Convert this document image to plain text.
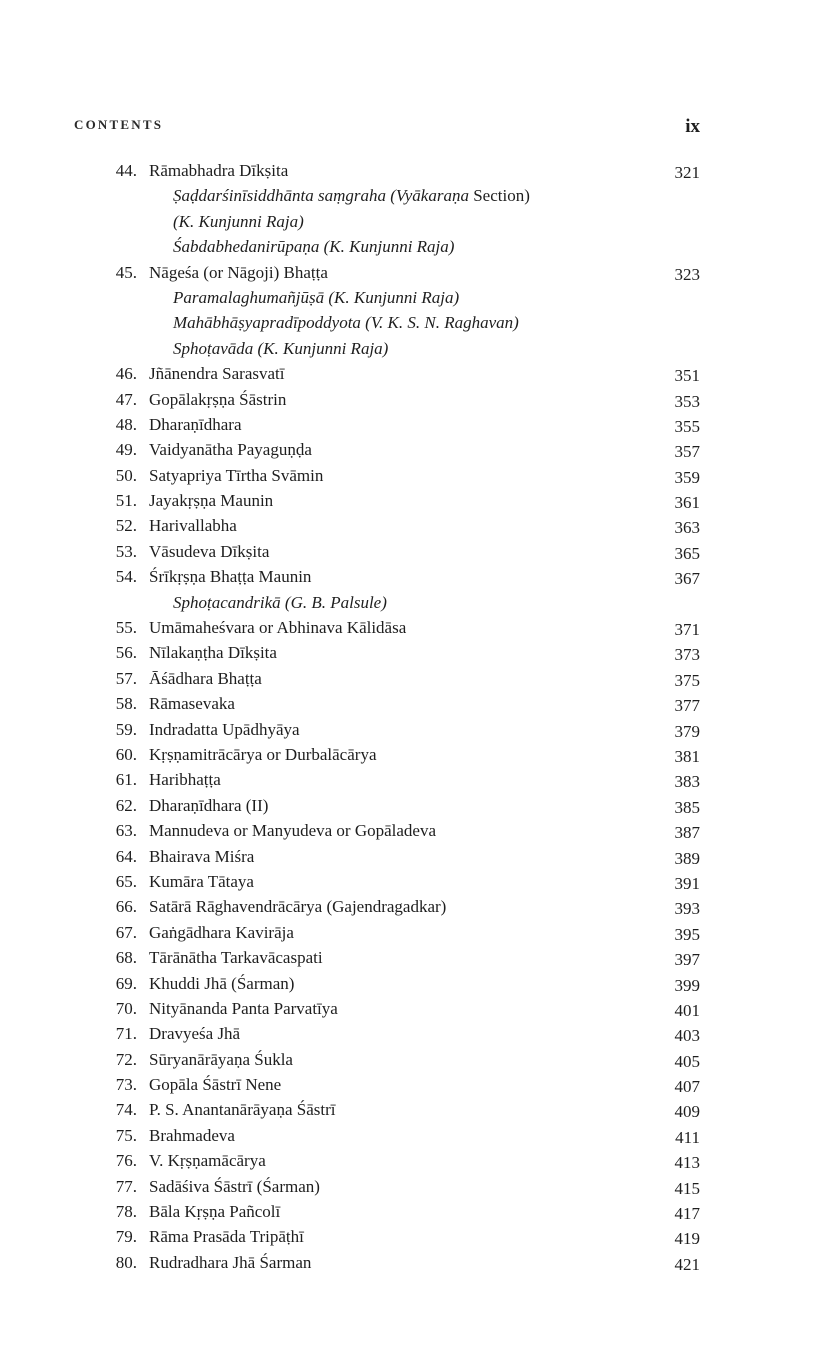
CONTENTS	ix
44. Rāmabhadra Dīkṣita	321
Ṣaḍdarśinīsiddhānta saṃgraha (Vyākaraṇa Section)
(K. Kunjunni Raja)
Śabdabhedanirūpaṇa (K. Kunjunni Raja)
45. Nāgeśa (or Nāgoji) Bhaṭṭa	323
Paramalaghumañjūṣā (K. Kunjunni Raja)
Mahābhāṣyapradīpoddyota (V. K. S. N. Raghavan)
Sphoṭavāda (K. Kunjunni Raja)
46. Jñānendra Sarasvatī	351
47. Gopālakṛṣṇa Śāstrin	353
48. Dharaṇīdhara	355
49. Vaidyanātha Payaguṇḍa	357
50. Satyapriya Tīrtha Svāmin	359
51. Jayakṛṣṇa Maunin	361
52. Harivallabha	363
53. Vāsudeva Dīkṣita	365
54. Śrīkṛṣṇa Bhaṭṭa Maunin	367
Sphoṭacandrikā (G. B. Palsule)
55. Umāmaheśvara or Abhinava Kālidāsa	371
56. Nīlakaṇṭha Dīkṣita	373
57. Āśādhara Bhaṭṭa	375
58. Rāmasevaka	377
59. Indradatta Upādhyāya	379
60. Kṛṣṇamitrācārya or Durbalācārya	381
61. Haribhaṭṭa	383
62. Dharaṇīdhara (II)	385
63. Mannudeva or Manyudeva or Gopāladeva	387
64. Bhairava Miśra	389
65. Kumāra Tātaya	391
66. Satārā Rāghavendrācārya (Gajendragadkar)	393
67. Gaṅgādhara Kavirāja	395
68. Tārānātha Tarkavācaspati	397
69. Khuddi Jhā (Śarman)	399
70. Nityānanda Panta Parvatīya	401
71. Dravyeśa Jhā	403
72. Sūryanārāyaṇa Śukla	405
73. Gopāla Śāstrī Nene	407
74. P. S. Anantanārāyaṇa Śāstrī	409
75. Brahmadeva	411
76. V. Kṛṣṇamācārya	413
77. Sadāśiva Śāstrī (Śarman)	415
78. Bāla Kṛṣṇa Pañcolī	417
79. Rāma Prasāda Tripāṭhī	419
80. Rudradhara Jhā Śarman	421
